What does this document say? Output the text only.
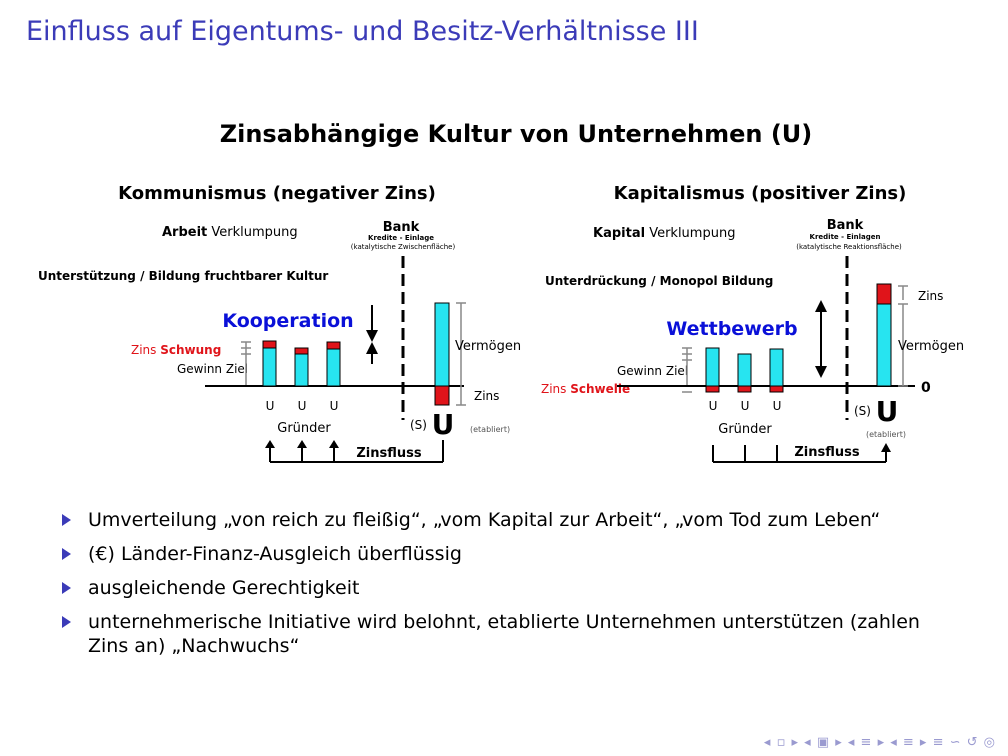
Einfluss auf Eigentums- und Besitz-Verhältnisse III
Zinsabhängige Kultur von Unternehmen (U)
Kommunismus (negativer Zins)
Arbeit Verklumpung	Bank
Kredite - Einlage
(katalytische Zwischenfläche)
Unterstützung / Bildung fruchtbarer Kultur
Kooperation
Zins Schwung
Gewinn Ziel
U U U
Gründer
Vermögen
Zins
(S) U (etabliert)
Zinsfluss
Kapitalismus (positiver Zins)
Kapital Verklumpung
Bank
Kredite - Einlagen
(katalytische Reaktionsfläche)
Unterdrückung / Monopol Bildung
Wettbewerb
Gewinn Ziel
Zins Schwelle
U U U
Gründer
Zins
Vermögen
0
(S) U
(etabliert)
Zinsfluss
Umverteilung „von reich zu fleißig“, „vom Kapital zur Arbeit“, „vom Tod zum Leben“
(€) Länder-Finanz-Ausgleich überflüssig
ausgleichende Gerechtigkeit
unternehmerische Initiative wird belohnt, etablierte Unternehmen unterstützen (zahlen Zins an) „Nachwuchs“
◂ ▫ ▸ ◂ ▣ ▸ ◂ ≡ ▸ ◂ ≡ ▸ ≡ ∽ ↺ ◎
